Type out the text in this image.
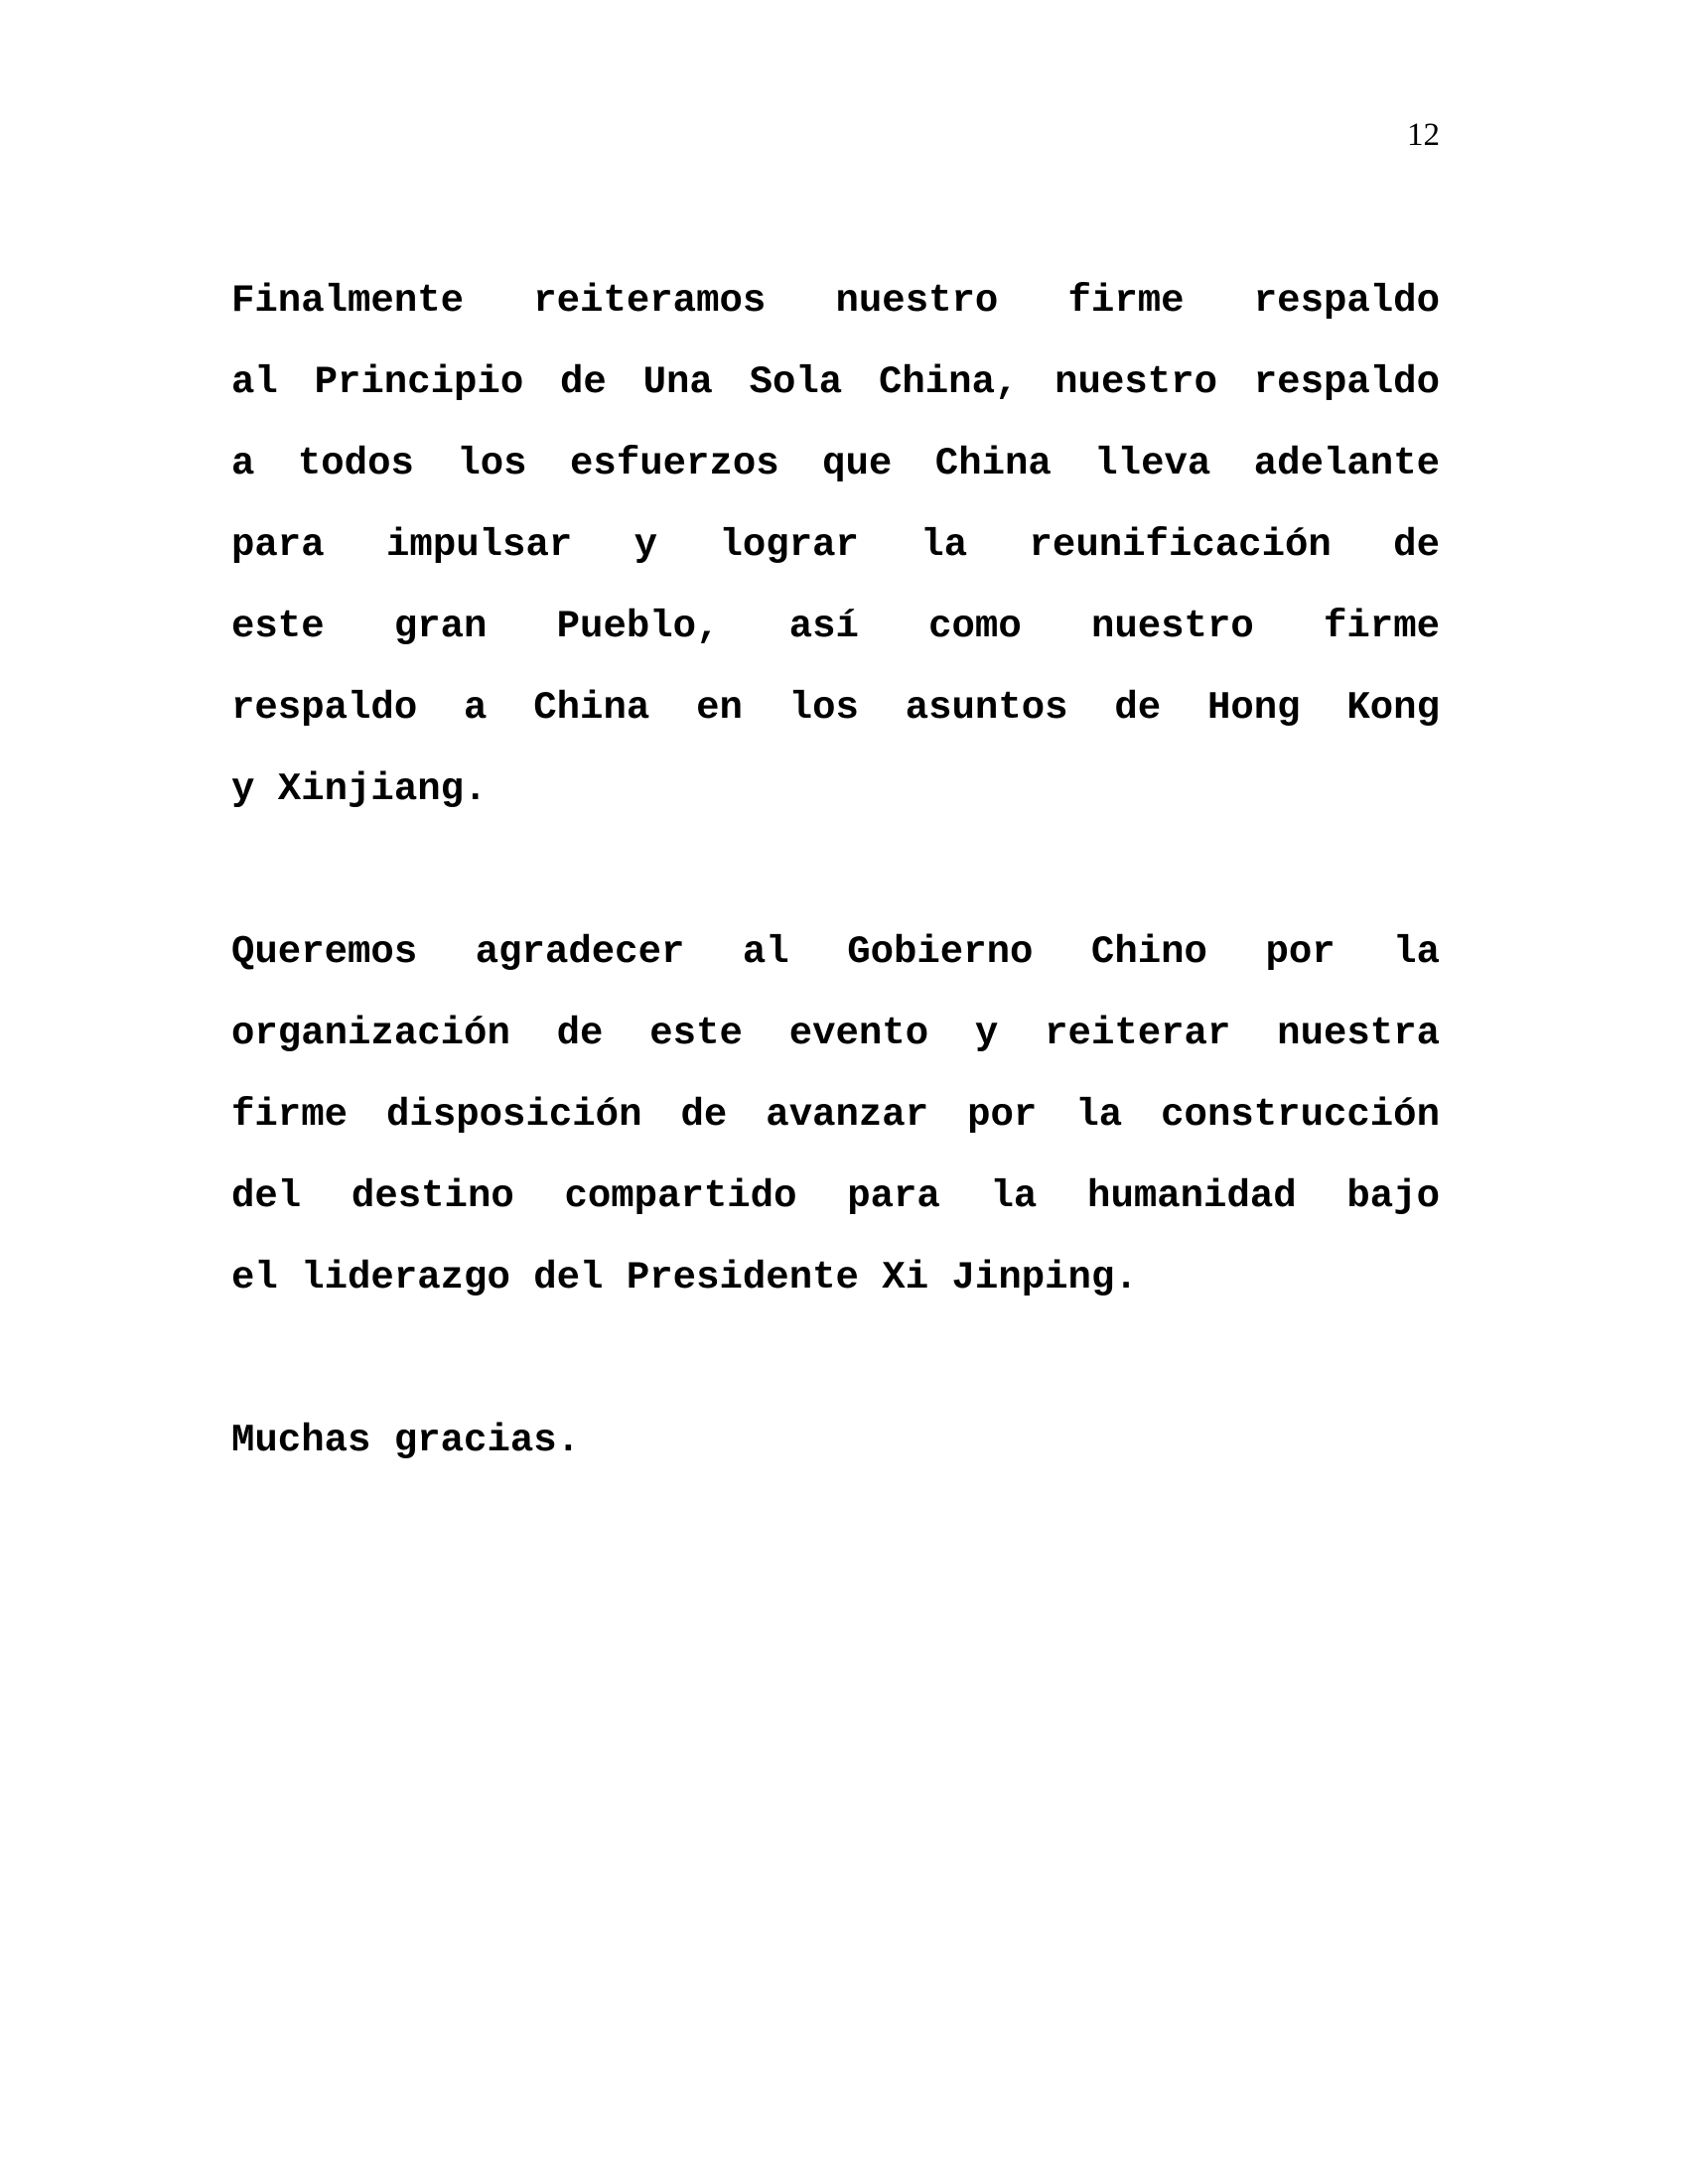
12
Finalmente reiteramos nuestro firme respaldo
al Principio de Una Sola China, nuestro respaldo
a todos los esfuerzos que China lleva adelante
para impulsar y lograr la reunificación de
este gran Pueblo, así como nuestro firme
respaldo a China en los asuntos de Hong Kong
y Xinjiang.
Queremos agradecer al Gobierno Chino por la
organización de este evento y reiterar nuestra
firme disposición de avanzar por la construcción
del destino compartido para la humanidad bajo
el liderazgo del Presidente Xi Jinping.
Muchas gracias.
